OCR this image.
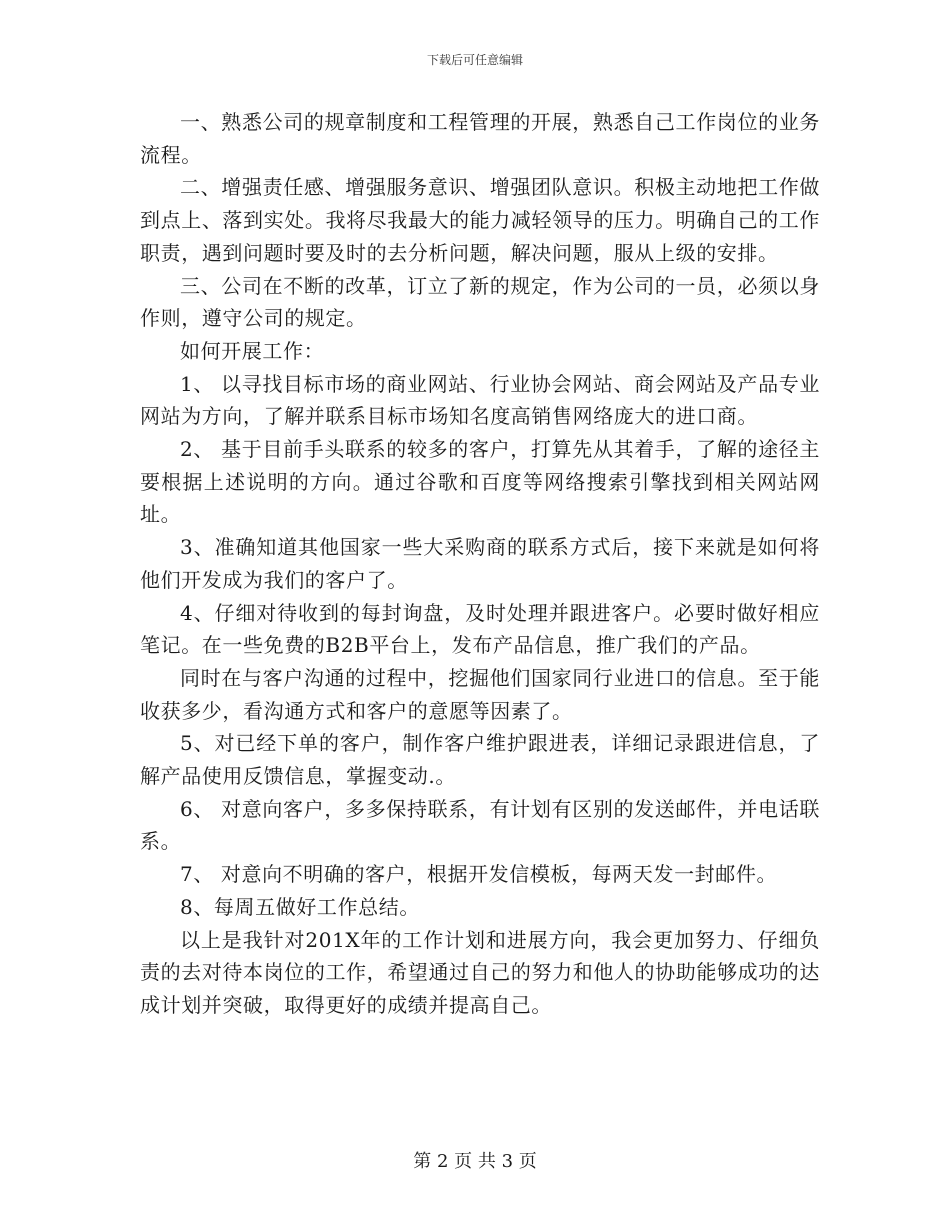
下载后可任意编辑

一、熟悉公司的规章制度和工程管理的开展，熟悉自己工作岗位的业务流程。

二、增强责任感、增强服务意识、增强团队意识。积极主动地把工作做到点上、落到实处。我将尽我最大的能力减轻领导的压力。明确自己的工作职责，遇到问题时要及时的去分析问题，解决问题，服从上级的安排。

三、公司在不断的改革，订立了新的规定，作为公司的一员，必须以身作则，遵守公司的规定。

如何开展工作：

1、 以寻找目标市场的商业网站、行业协会网站、商会网站及产品专业网站为方向，了解并联系目标市场知名度高销售网络庞大的进口商。

2、 基于目前手头联系的较多的客户，打算先从其着手，了解的途径主要根据上述说明的方向。通过谷歌和百度等网络搜索引擎找到相关网站网址。

3、准确知道其他国家一些大采购商的联系方式后，接下来就是如何将他们开发成为我们的客户了。

4、仔细对待收到的每封询盘，及时处理并跟进客户。必要时做好相应笔记。在一些免费的B2B平台上，发布产品信息，推广我们的产品。

同时在与客户沟通的过程中，挖掘他们国家同行业进口的信息。至于能收获多少，看沟通方式和客户的意愿等因素了。

5、对已经下单的客户，制作客户维护跟进表，详细记录跟进信息，了解产品使用反馈信息，掌握变动.。

6、 对意向客户，多多保持联系，有计划有区别的发送邮件，并电话联系。

7、 对意向不明确的客户，根据开发信模板，每两天发一封邮件。

8、每周五做好工作总结。

以上是我针对201X年的工作计划和进展方向，我会更加努力、仔细负责的去对待本岗位的工作，希望通过自己的努力和他人的协助能够成功的达成计划并突破，取得更好的成绩并提高自己。

第 2 页 共 3 页
